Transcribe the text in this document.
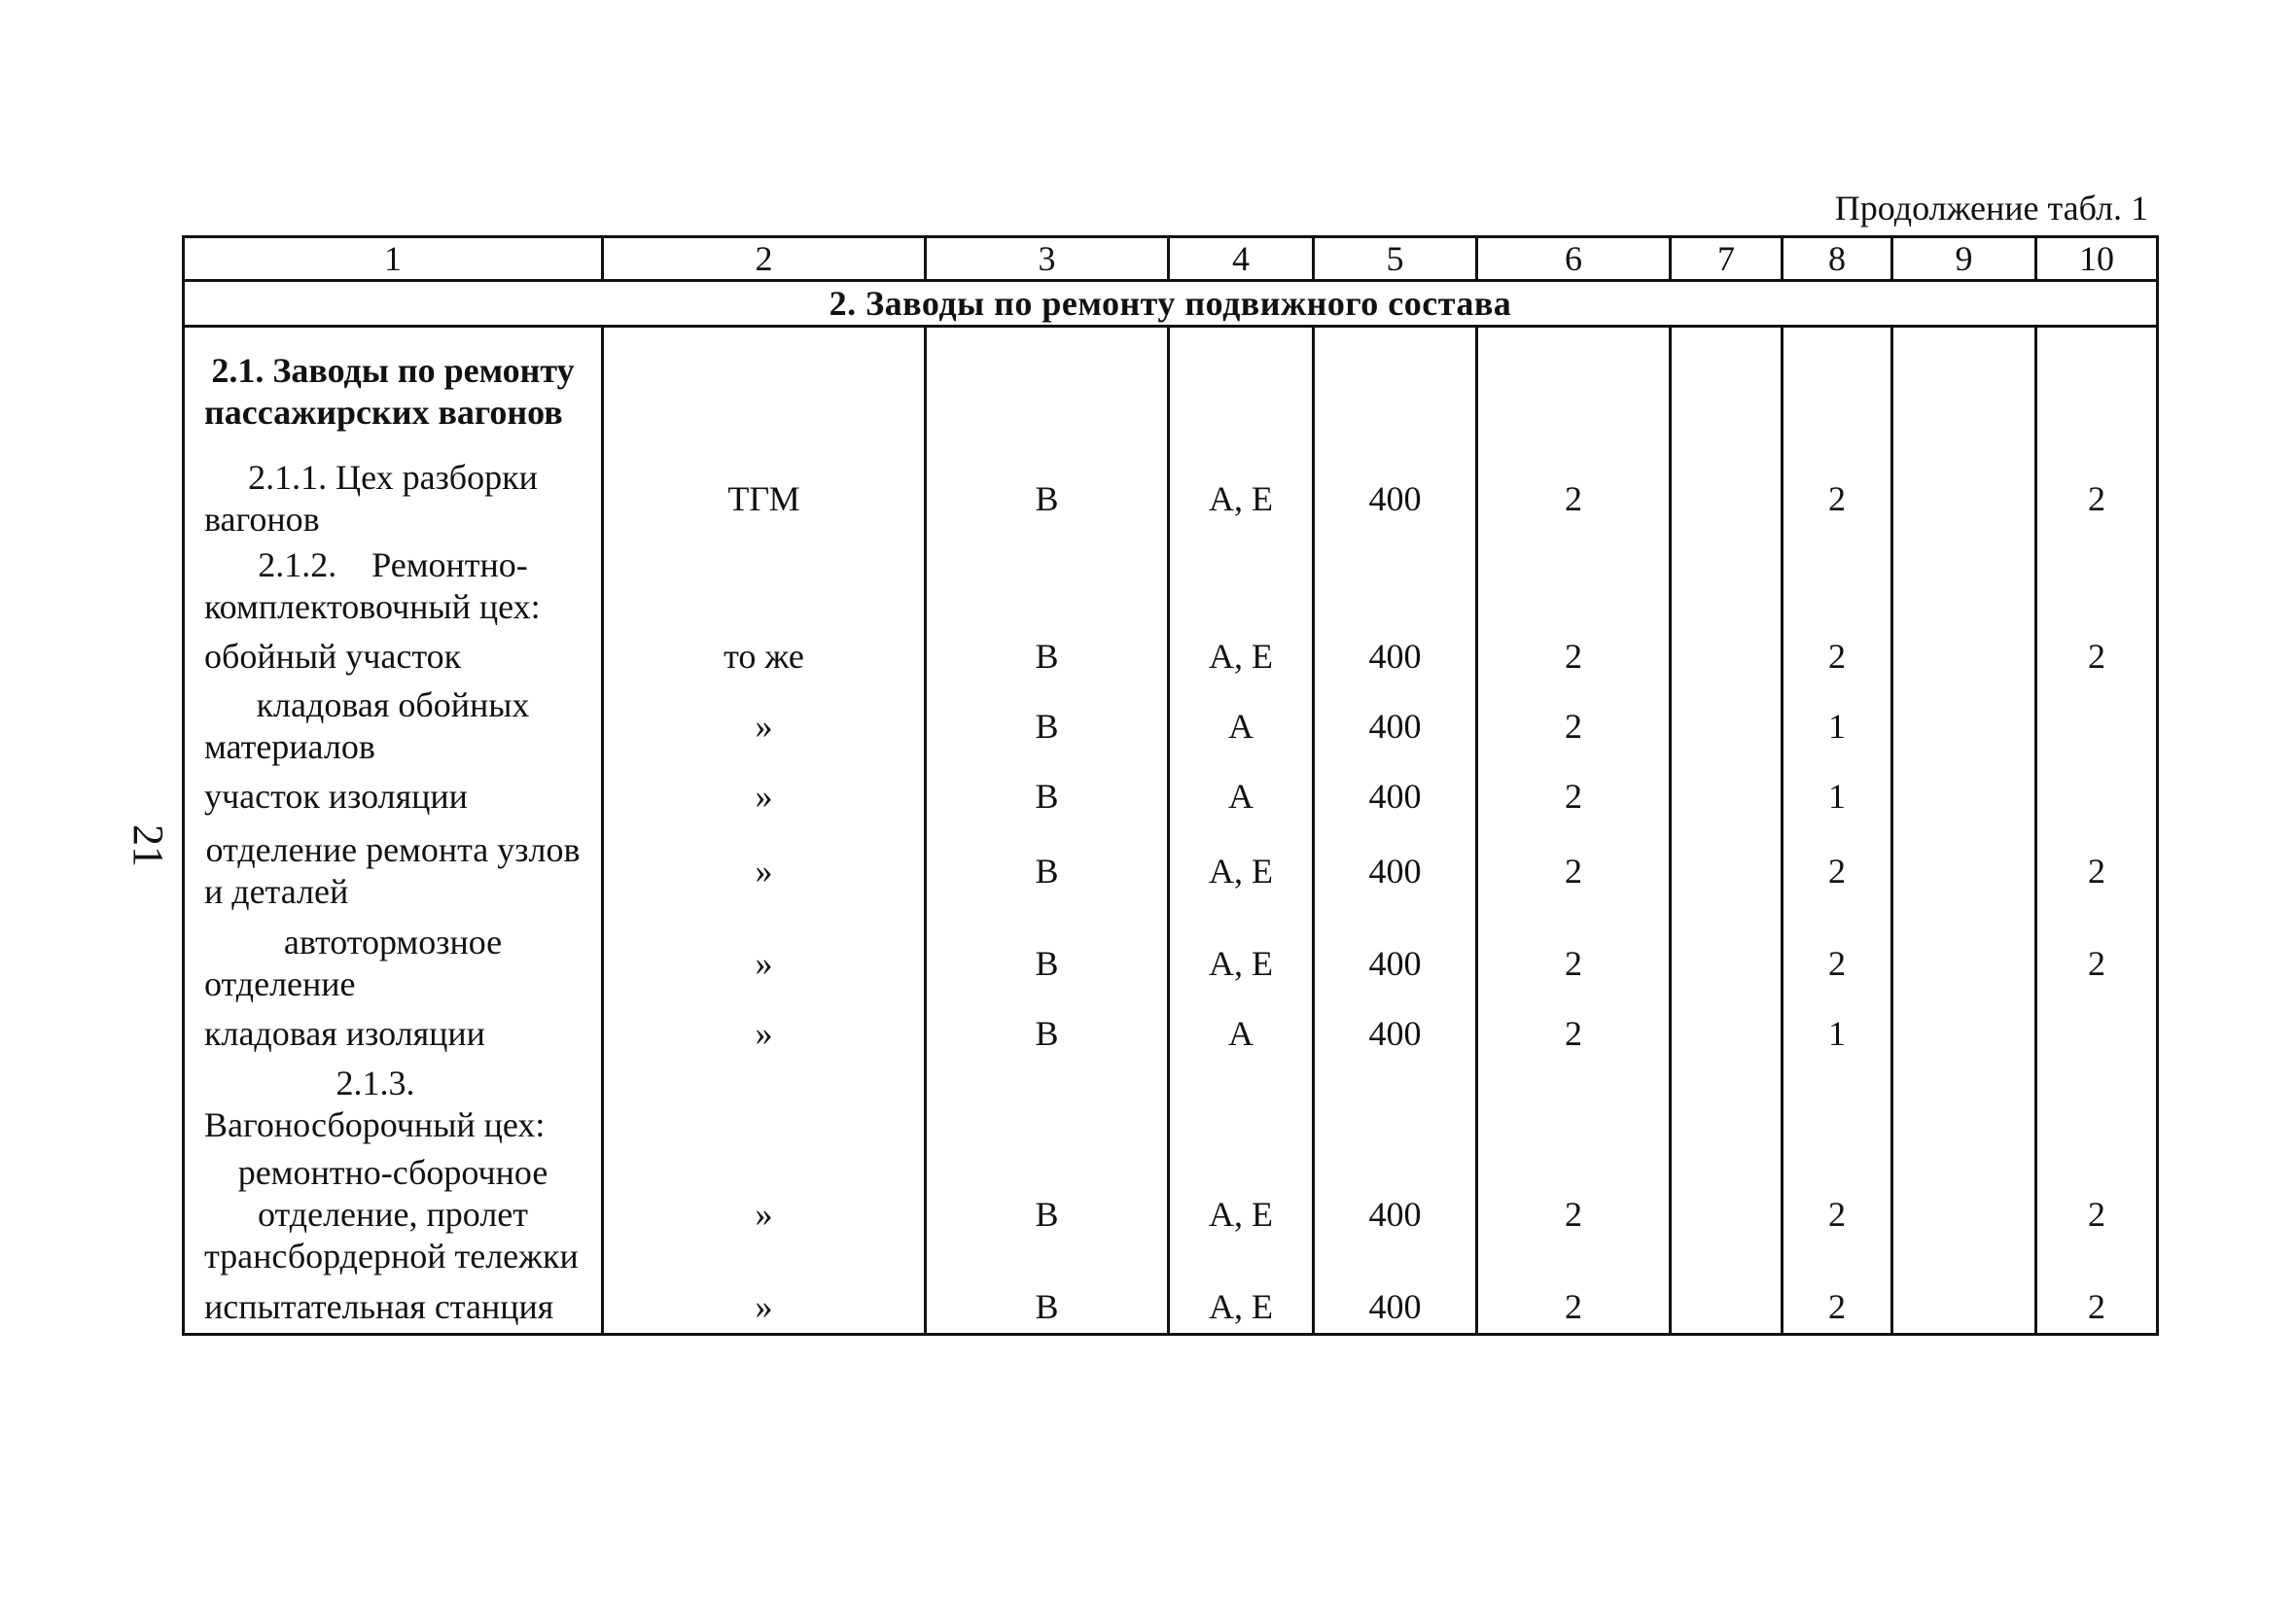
Продолжение табл. 1
21
1	2	3	4	5	6	7	8	9	10
2. Заводы по ремонту подвижного состава									
2.1. Заводы по ремонту пассажирских вагонов									
2.1.1. Цех разборки вагонов	ТГМ	В	А, Е	400	2		2		2
2.1.2. Ремонтно-комплектовочный цех:									
обойный участок	то же	В	А, Е	400	2		2		2
кладовая обойных материалов	»	В	А	400	2		1		
участок изоляции	»	В	А	400	2		1		
отделение ремонта узлов и деталей	»	В	А, Е	400	2		2		2
автотормозное отделение	»	В	А, Е	400	2		2		2
кладовая изоляции	»	В	А	400	2		1		
2.1.3. Вагоносборочный цех:									
ремонтно-сборочное отделение, пролет трансбордерной тележки	»	В	А, Е	400	2		2		2
испытательная станция	»	В	А, Е	400	2		2		2
